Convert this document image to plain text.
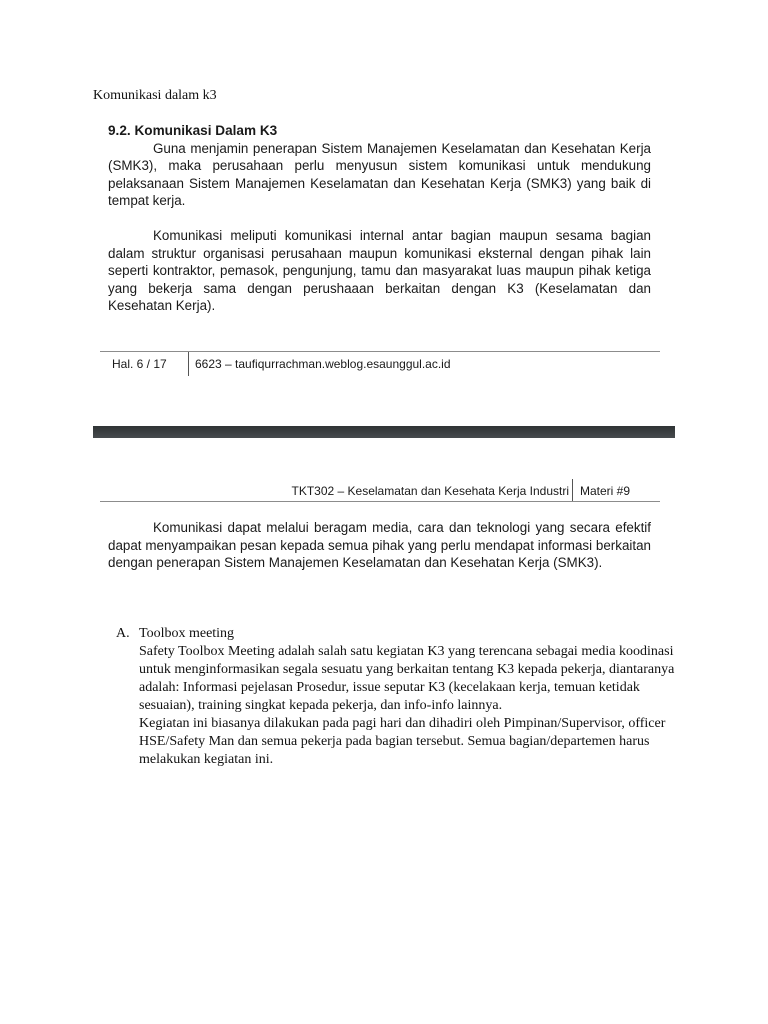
Komunikasi dalam k3
9.2. Komunikasi Dalam K3

Guna menjamin penerapan Sistem Manajemen Keselamatan dan Kesehatan Kerja (SMK3), maka perusahaan perlu menyusun sistem komunikasi untuk mendukung pelaksanaan Sistem Manajemen Keselamatan dan Kesehatan Kerja (SMK3) yang baik di tempat kerja.

Komunikasi meliputi komunikasi internal antar bagian maupun sesama bagian dalam struktur organisasi perusahaan maupun komunikasi eksternal dengan pihak lain seperti kontraktor, pemasok, pengunjung, tamu dan masyarakat luas maupun pihak ketiga yang bekerja sama dengan perushaaan berkaitan dengan K3 (Keselamatan dan Kesehatan Kerja).

Hal. 6 / 17 6623 – taufiqurrachman.weblog.esaunggul.ac.id
TKT302 – Keselamatan dan Kesehata Kerja Industri Materi #9

Komunikasi dapat melalui beragam media, cara dan teknologi yang secara efektif dapat menyampaikan pesan kepada semua pihak yang perlu mendapat informasi berkaitan dengan penerapan Sistem Manajemen Keselamatan dan Kesehatan Kerja (SMK3).

A. Toolbox meeting

Safety Toolbox Meeting adalah salah satu kegiatan K3 yang terencana sebagai media koodinasi untuk menginformasikan segala sesuatu yang berkaitan tentang K3 kepada pekerja, diantaranya adalah: Informasi pejelasan Prosedur, issue seputar K3 (kecelakaan kerja, temuan ketidak sesuaian), training singkat kepada pekerja, dan info-info lainnya.

Kegiatan ini biasanya dilakukan pada pagi hari dan dihadiri oleh Pimpinan/Supervisor, officer HSE/Safety Man dan semua pekerja pada bagian tersebut. Semua bagian/departemen harus melakukan kegiatan ini.
